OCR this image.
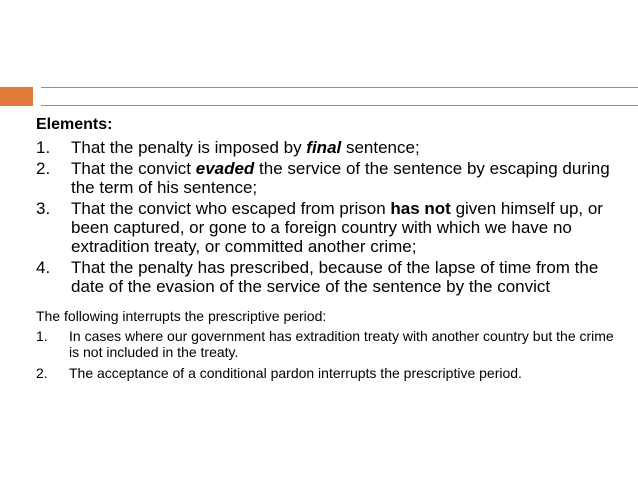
Elements:
1. That the penalty is imposed by final sentence;
2. That the convict evaded the service of the sentence by escaping during the term of his sentence;
3. That the convict who escaped from prison has not given himself up, or been captured, or gone to a foreign country with which we have no extradition treaty, or committed another crime;
4. That the penalty has prescribed, because of the lapse of time from the date of the evasion of the service of the sentence by the convict
The following interrupts the prescriptive period:
1. In cases where our government has extradition treaty with another country but the crime is not included in the treaty.
2. The acceptance of a conditional pardon interrupts the prescriptive period.
